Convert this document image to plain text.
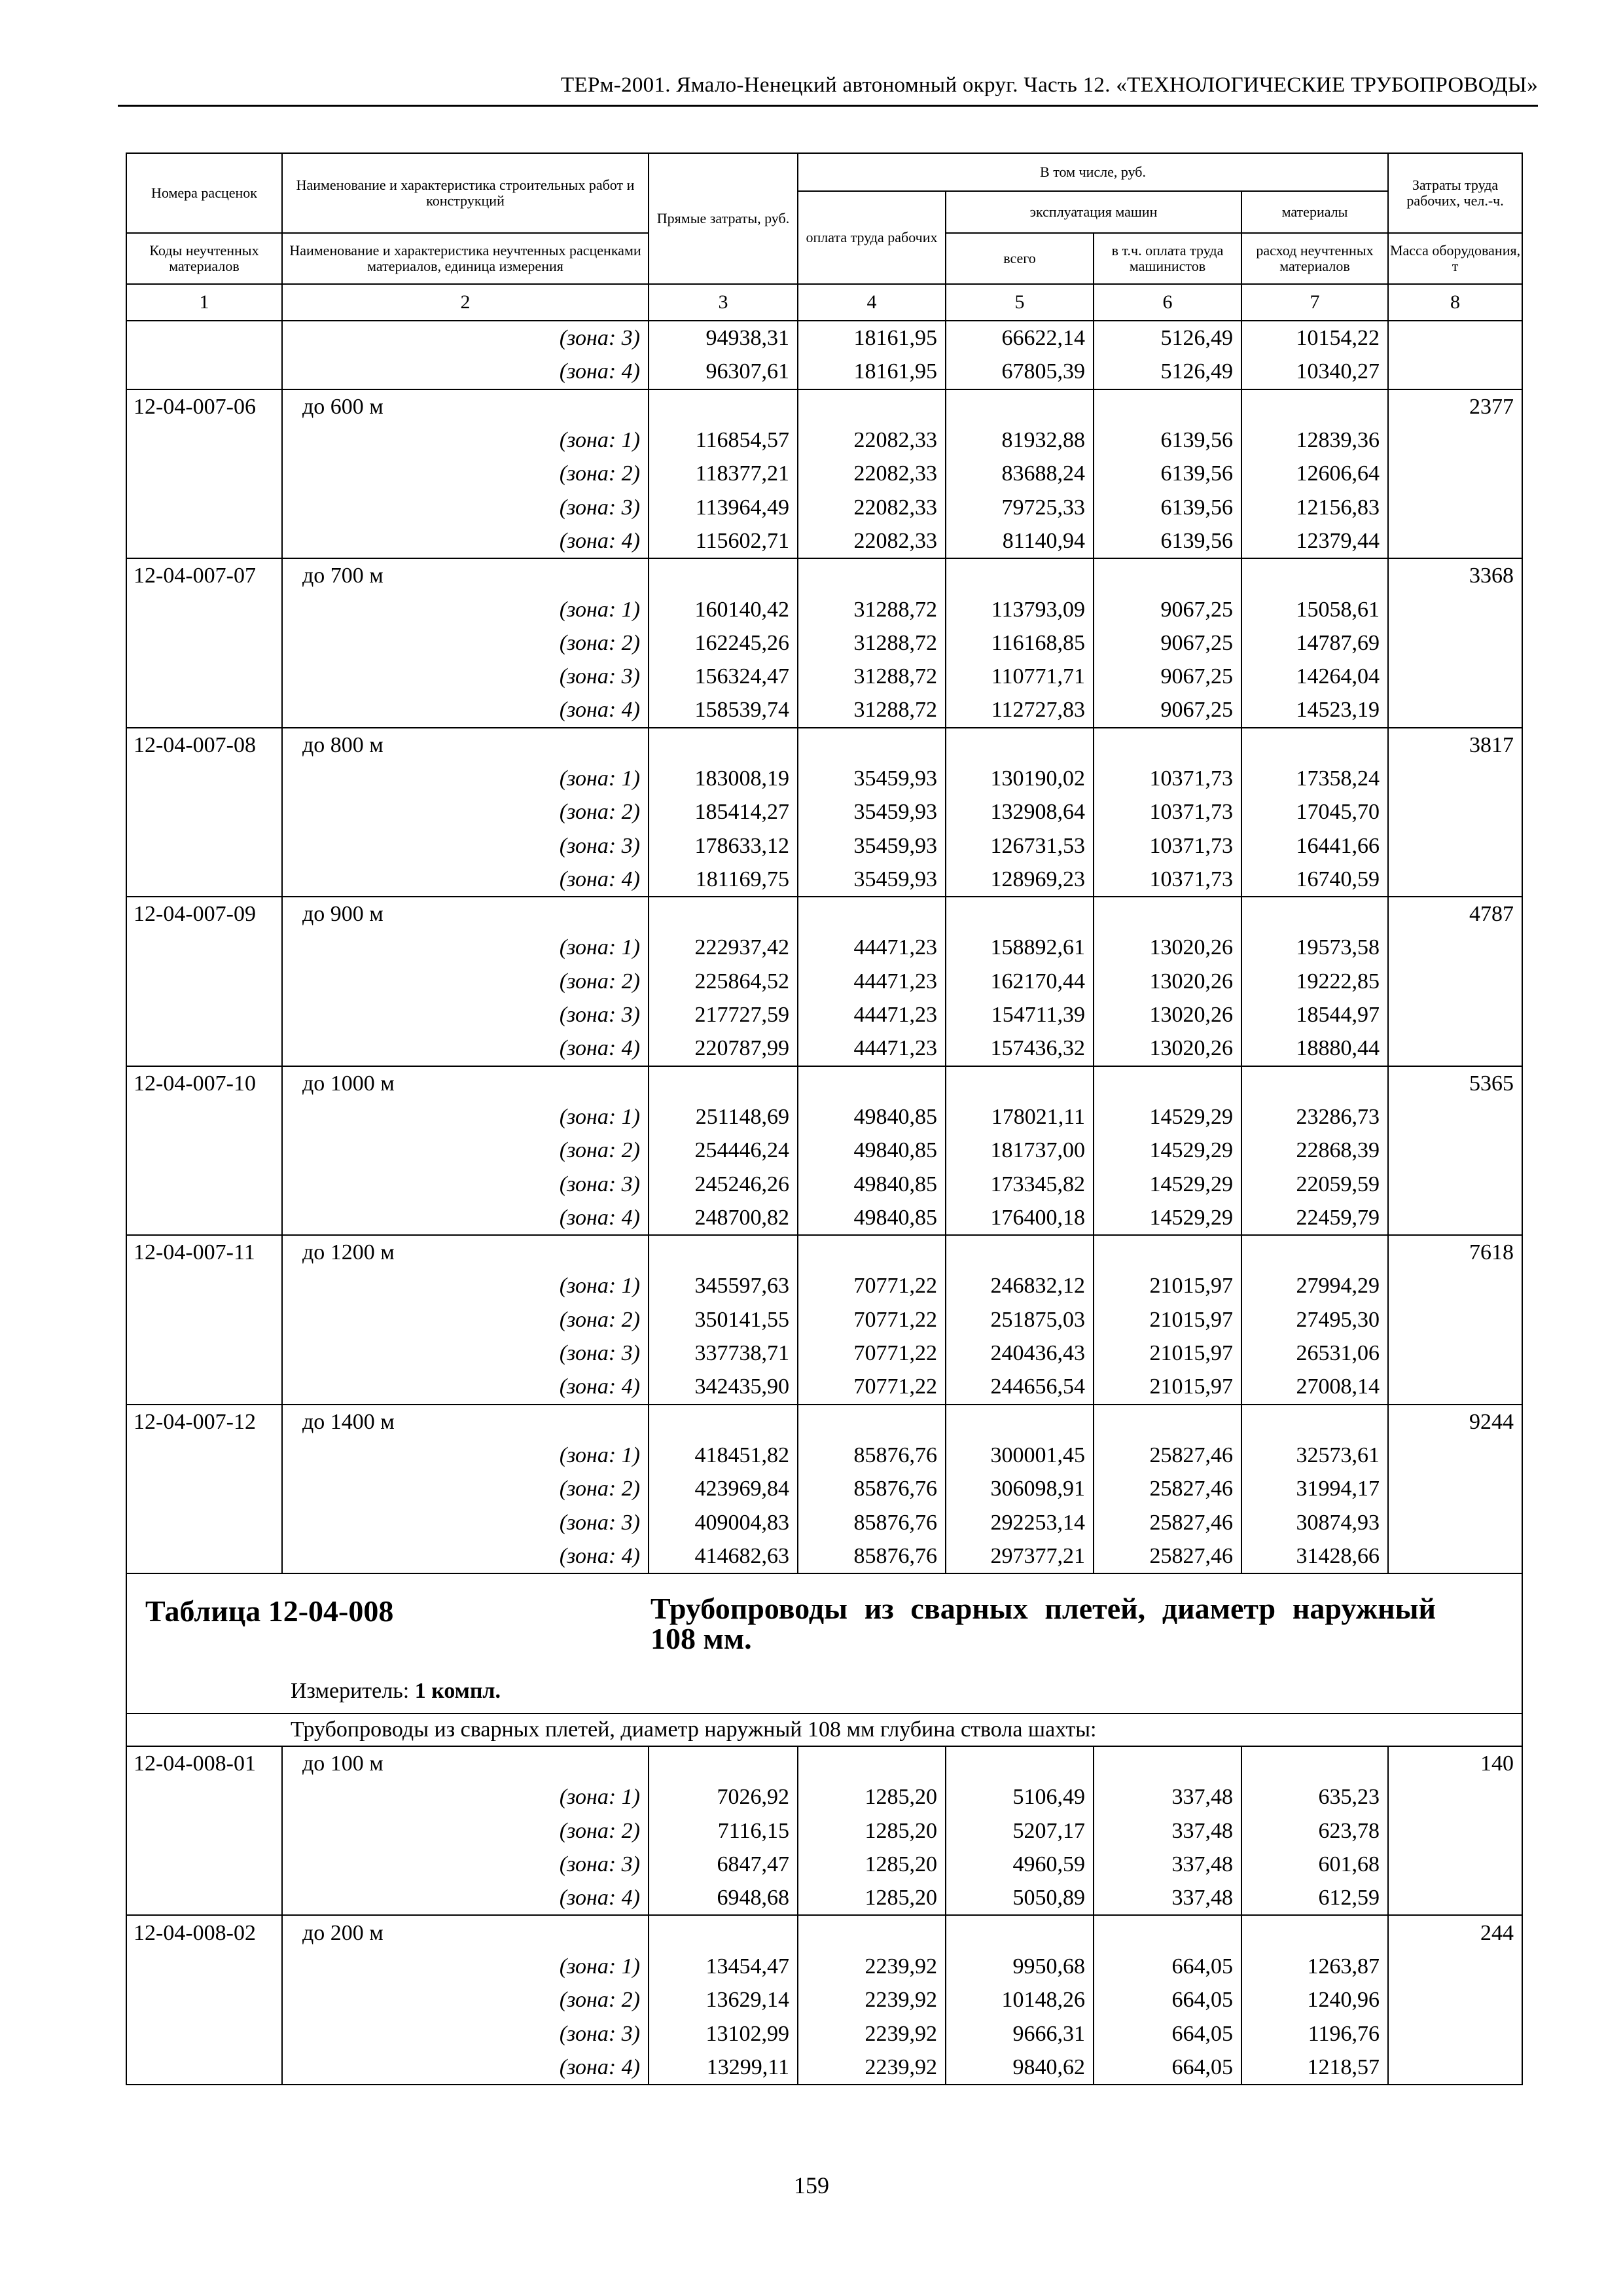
ТЕРм-2001. Ямало-Ненецкий автономный округ. Часть 12. «ТЕХНОЛОГИЧЕСКИЕ ТРУБОПРОВОДЫ»
Номера расценок	Наименование и характеристика строительных работ и конструкций	Прямые затраты, руб.	В том числе, руб.				Затраты труда рабочих, чел.-ч.
			оплата труда рабочих	эксплуатация машин		материалы	
Коды неучтенных материалов	Наименование и характеристика неучтенных расценками материалов, единица измерения			всего	в т.ч. оплата труда машинистов	расход неучтенных материалов	Масса оборудования, т
1	2	3	4	5	6	7	8
	(зона: 3)	94938,31	18161,95	66622,14	5126,49	10154,22	
	(зона: 4)	96307,61	18161,95	67805,39	5126,49	10340,27	
12-04-007-06	до 600 м						2377
	(зона: 1)	116854,57	22082,33	81932,88	6139,56	12839,36	
	(зона: 2)	118377,21	22082,33	83688,24	6139,56	12606,64	
	(зона: 3)	113964,49	22082,33	79725,33	6139,56	12156,83	
	(зона: 4)	115602,71	22082,33	81140,94	6139,56	12379,44	
12-04-007-07	до 700 м						3368
	(зона: 1)	160140,42	31288,72	113793,09	9067,25	15058,61	
	(зона: 2)	162245,26	31288,72	116168,85	9067,25	14787,69	
	(зона: 3)	156324,47	31288,72	110771,71	9067,25	14264,04	
	(зона: 4)	158539,74	31288,72	112727,83	9067,25	14523,19	
12-04-007-08	до 800 м						3817
	(зона: 1)	183008,19	35459,93	130190,02	10371,73	17358,24	
	(зона: 2)	185414,27	35459,93	132908,64	10371,73	17045,70	
	(зона: 3)	178633,12	35459,93	126731,53	10371,73	16441,66	
	(зона: 4)	181169,75	35459,93	128969,23	10371,73	16740,59	
12-04-007-09	до 900 м						4787
	(зона: 1)	222937,42	44471,23	158892,61	13020,26	19573,58	
	(зона: 2)	225864,52	44471,23	162170,44	13020,26	19222,85	
	(зона: 3)	217727,59	44471,23	154711,39	13020,26	18544,97	
	(зона: 4)	220787,99	44471,23	157436,32	13020,26	18880,44	
12-04-007-10	до 1000 м						5365
	(зона: 1)	251148,69	49840,85	178021,11	14529,29	23286,73	
	(зона: 2)	254446,24	49840,85	181737,00	14529,29	22868,39	
	(зона: 3)	245246,26	49840,85	173345,82	14529,29	22059,59	
	(зона: 4)	248700,82	49840,85	176400,18	14529,29	22459,79	
12-04-007-11	до 1200 м						7618
	(зона: 1)	345597,63	70771,22	246832,12	21015,97	27994,29	
	(зона: 2)	350141,55	70771,22	251875,03	21015,97	27495,30	
	(зона: 3)	337738,71	70771,22	240436,43	21015,97	26531,06	
	(зона: 4)	342435,90	70771,22	244656,54	21015,97	27008,14	
12-04-007-12	до 1400 м						9244
	(зона: 1)	418451,82	85876,76	300001,45	25827,46	32573,61	
	(зона: 2)	423969,84	85876,76	306098,91	25827,46	31994,17	
	(зона: 3)	409004,83	85876,76	292253,14	25827,46	30874,93	
	(зона: 4)	414682,63	85876,76	297377,21	25827,46	31428,66	

Таблица 12-04-008 Трубопроводы из сварных плетей, диаметр наружный 108 мм.
Измеритель: 1 компл.							

Трубопроводы из сварных плетей, диаметр наружный 108 мм глубина ствола шахты:							
12-04-008-01	до 100 м						140
	(зона: 1)	7026,92	1285,20	5106,49	337,48	635,23	
	(зона: 2)	7116,15	1285,20	5207,17	337,48	623,78	
	(зона: 3)	6847,47	1285,20	4960,59	337,48	601,68	
	(зона: 4)	6948,68	1285,20	5050,89	337,48	612,59	
12-04-008-02	до 200 м						244
	(зона: 1)	13454,47	2239,92	9950,68	664,05	1263,87	
	(зона: 2)	13629,14	2239,92	10148,26	664,05	1240,96	
	(зона: 3)	13102,99	2239,92	9666,31	664,05	1196,76	
	(зона: 4)	13299,11	2239,92	9840,62	664,05	1218,57	
159
